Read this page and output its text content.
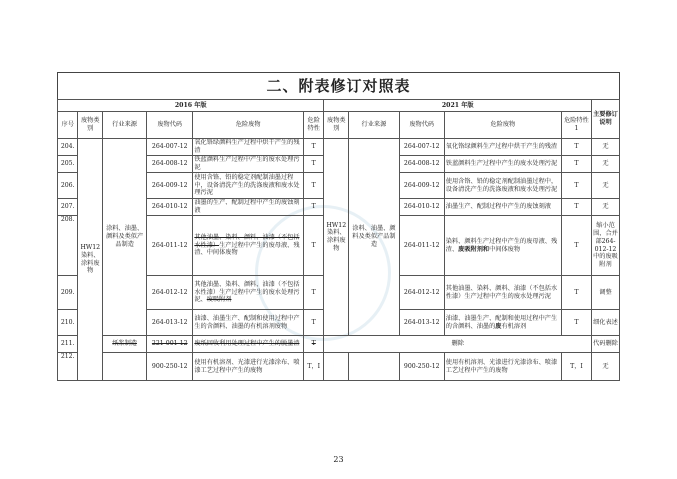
二、附表修订对照表
2016 年版						2021 年版					主要修订说明
序号	废物类别	行业来源	废物代码	危险废物	危险特性	废物类别	行业来源	废物代码	危险废物	危险特性 1	
204.	HW12 染料、涂料废物	涂料、油墨、颜料及类似产品制造	264-007-12	氧化铬绿颜料生产过程中烘干产生的残渣	T	HW12 染料、涂料废物	涂料、油墨、颜料及类似产品制造	264-007-12	氧化铬绿颜料生产过程中烘干产生的残渣	T	无
205.			264-008-12	铁蓝颜料生产过程中产生的废水处理污泥	T			264-008-12	铁蓝颜料生产过程中产生的废水处理污泥	T	无
206.			264-009-12	使用含铬、铅的稳定剂配制油墨过程中，设备清洗产生的洗涤废液和废水处理污泥	T			264-009-12	使用含铬、铅的稳定剂配制油墨过程中，设备清洗产生的洗涤废液和废水处理污泥	T	无
207.			264-010-12	油墨的生产、配制过程中产生的废蚀刻液	T			264-010-12	油墨生产、配制过程中产生的废蚀刻液	T	无
208.			264-011-12	其他油墨、染料、颜料、油漆（不包括水性漆）生产过程中产生的废母液、残渣、中间体废物	T			264-011-12	染料、颜料生产过程中产生的废母液、残渣、废吸附剂和中间体废物	T	缩小范围，合并部264-012-12中的废吸附剂
209.			264-012-12	其他油墨、染料、颜料、油漆（不包括水性漆）生产过程中产生的废水处理污泥、废吸附剂	T			264-012-12	其他油墨、染料、颜料、油漆（不包括水性漆）生产过程中产生的废水处理污泥	T	调整
210.			264-013-12	油漆、油墨生产、配制和使用过程中产生的含颜料、油墨的有机溶剂废物	T			264-013-12	油漆、油墨生产、配制和使用过程中产生的含颜料、油墨的废有机溶剂	T	细化表述
211.		纸浆制造	221-001-12	废纸回收利用处理过程中产生的脱墨渣	T	删除					代码删除
212.			900-250-12	使用有机溶剂、光漆进行光漆涂布、喷漆工艺过程中产生的废物	T，I			900-250-12	使用有机溶剂、光漆进行光漆涂布、喷漆工艺过程中产生的废物	T，I	无
23
